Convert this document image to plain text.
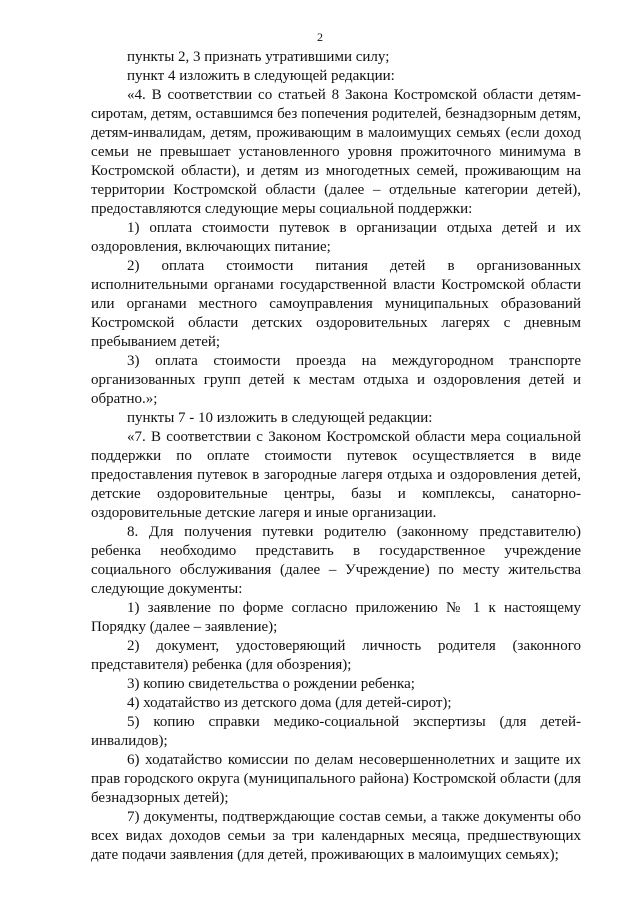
2

пункты 2, 3 признать утратившими силу;

пункт 4 изложить в следующей редакции:

«4. В соответствии со статьей 8 Закона Костромской области детям-сиротам, детям, оставшимся без попечения родителей, безнадзорным детям, детям-инвалидам, детям, проживающим в малоимущих семьях (если доход семьи не превышает установленного уровня прожиточного минимума в Костромской области), и детям из многодетных семей, проживающим на территории Костромской области (далее – отдельные категории детей), предоставляются следующие меры социальной поддержки:

1) оплата стоимости путевок в организации отдыха детей и их оздоровления, включающих питание;

2) оплата стоимости питания детей в организованных исполнительными органами государственной власти Костромской области или органами местного самоуправления муниципальных образований Костромской области детских оздоровительных лагерях с дневным пребыванием детей;

3) оплата стоимости проезда на междугородном транспорте организованных групп детей к местам отдыха и оздоровления детей и обратно.»;

пункты 7 - 10 изложить в следующей редакции:

«7. В соответствии с Законом Костромской области мера социальной поддержки по оплате стоимости путевок осуществляется в виде предоставления путевок в загородные лагеря отдыха и оздоровления детей, детские оздоровительные центры, базы и комплексы, санаторно-оздоровительные детские лагеря и иные организации.

8. Для получения путевки родителю (законному представителю) ребенка необходимо представить в государственное учреждение социального обслуживания (далее – Учреждение) по месту жительства следующие документы:

1) заявление по форме согласно приложению № 1 к настоящему Порядку (далее – заявление);

2) документ, удостоверяющий личность родителя (законного представителя) ребенка (для обозрения);

3) копию свидетельства о рождении ребенка;

4) ходатайство из детского дома (для детей-сирот);

5) копию справки медико-социальной экспертизы (для детей-инвалидов);

6) ходатайство комиссии по делам несовершеннолетних и защите их прав городского округа (муниципального района) Костромской области (для безнадзорных детей);

7) документы, подтверждающие состав семьи, а также документы обо всех видах доходов семьи за три календарных месяца, предшествующих дате подачи заявления (для детей, проживающих в малоимущих семьях);
